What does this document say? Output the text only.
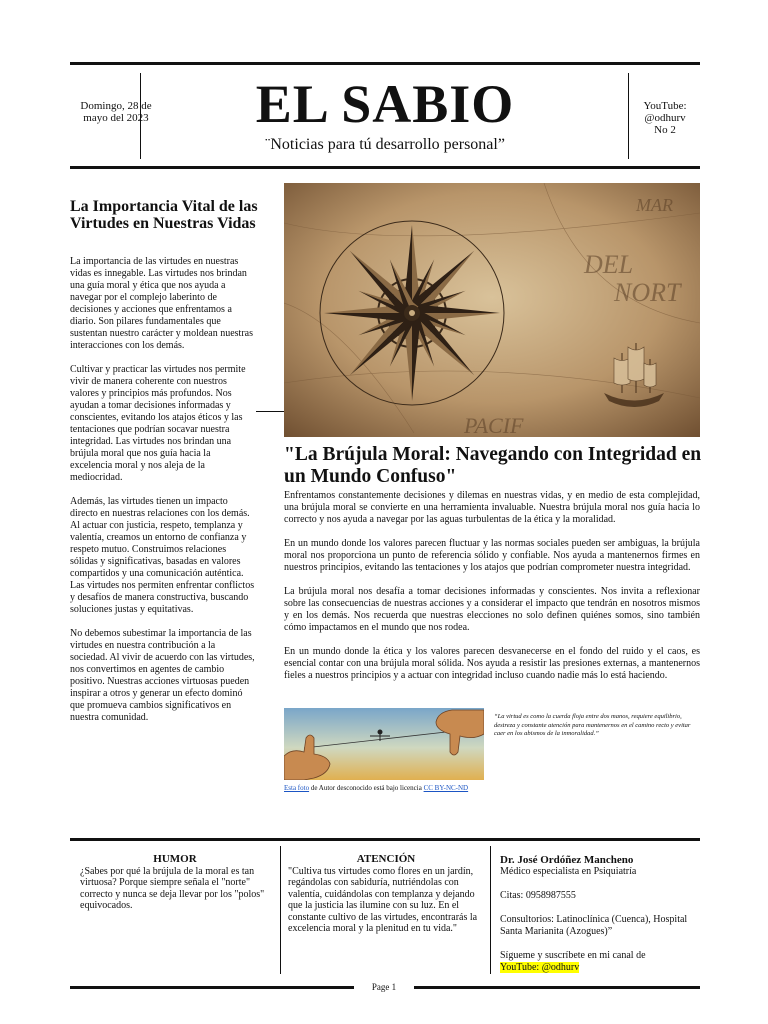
Domingo, 28 de mayo del 2023	EL SABIO
¨Noticias para tú desarrollo personal”
YouTube:
@odhurv
No 2
La Importancia Vital de las Virtudes en Nuestras Vidas

La importancia de las virtudes en nuestras vidas es innegable. Las virtudes nos brindan una guía moral y ética que nos ayuda a navegar por el complejo laberinto de decisiones y acciones que enfrentamos a diario. Son pilares fundamentales que sustentan nuestro carácter y moldean nuestras interacciones con los demás.

Cultivar y practicar las virtudes nos permite vivir de manera coherente con nuestros valores y principios más profundos. Nos ayudan a tomar decisiones informadas y conscientes, evitando los atajos éticos y las tentaciones que podrían socavar nuestra integridad. Las virtudes nos brindan una brújula moral que nos guía hacia la excelencia moral y nos aleja de la mediocridad.

Además, las virtudes tienen un impacto directo en nuestras relaciones con los demás. Al actuar con justicia, respeto, templanza y valentía, creamos un entorno de confianza y respeto mutuo. Construimos relaciones sólidas y significativas, basadas en valores compartidos y una comunicación auténtica. Las virtudes nos permiten enfrentar conflictos y desafíos de manera constructiva, buscando soluciones justas y equitativas.

No debemos subestimar la importancia de las virtudes en nuestra contribución a la sociedad. Al vivir de acuerdo con las virtudes, nos convertimos en agentes de cambio positivo. Nuestras acciones virtuosas pueden inspirar a otros y generar un efecto dominó que promueva cambios significativos en nuestra comunidad.

DEL
NORT
MAR
PACIF
"La Brújula Moral: Navegando con Integridad en un Mundo Confuso"

Enfrentamos constantemente decisiones y dilemas en nuestras vidas, y en medio de esta complejidad, una brújula moral se convierte en una herramienta invaluable. Nuestra brújula moral nos guía hacia lo correcto y nos ayuda a navegar por las aguas turbulentas de la ética y la moralidad.

En un mundo donde los valores parecen fluctuar y las normas sociales pueden ser ambiguas, la brújula moral nos proporciona un punto de referencia sólido y confiable. Nos ayuda a mantenernos firmes en nuestros principios, evitando las tentaciones y los atajos que podrían comprometer nuestra integridad.

La brújula moral nos desafía a tomar decisiones informadas y conscientes. Nos invita a reflexionar sobre las consecuencias de nuestras acciones y a considerar el impacto que tendrán en nosotros mismos y en los demás. Nos recuerda que nuestras elecciones no solo definen quiénes somos, sino también cómo impactamos en el mundo que nos rodea.

En un mundo donde la ética y los valores parecen desvanecerse en el fondo del ruido y el caos, es esencial contar con una brújula moral sólida. Nos ayuda a resistir las presiones externas, a mantenernos fieles a nuestros principios y a actuar con integridad incluso cuando nadie más lo está haciendo.

Esta foto de Autor desconocido está bajo licencia CC BY-NC-ND
“La virtud es como la cuerda floja entre dos manos, requiere equilibrio, destreza y constante atención para mantenernos en el camino recto y evitar caer en los abismos de la inmoralidad.”
HUMOR
¿Sabes por qué la brújula de la moral es tan virtuosa? Porque siempre señala el "norte" correcto y nunca se deja llevar por los "polos" equivocados.
ATENCIÓN
"Cultiva tus virtudes como flores en un jardín, regándolas con sabiduría, nutriéndolas con valentía, cuidándolas con templanza y dejando que la justicia las ilumine con su luz. En el constante cultivo de las virtudes, encontrarás la excelencia moral y la plenitud en tu vida."
Dr. José Ordóñez Mancheno

Médico especialista en Psiquiatría

Citas: 0958987555

Consultorios: Latinoclínica (Cuenca), Hospital Santa Marianita (Azogues)”

Sígueme y suscríbete en mi canal de
YouTube: @odhurv
Page 1
